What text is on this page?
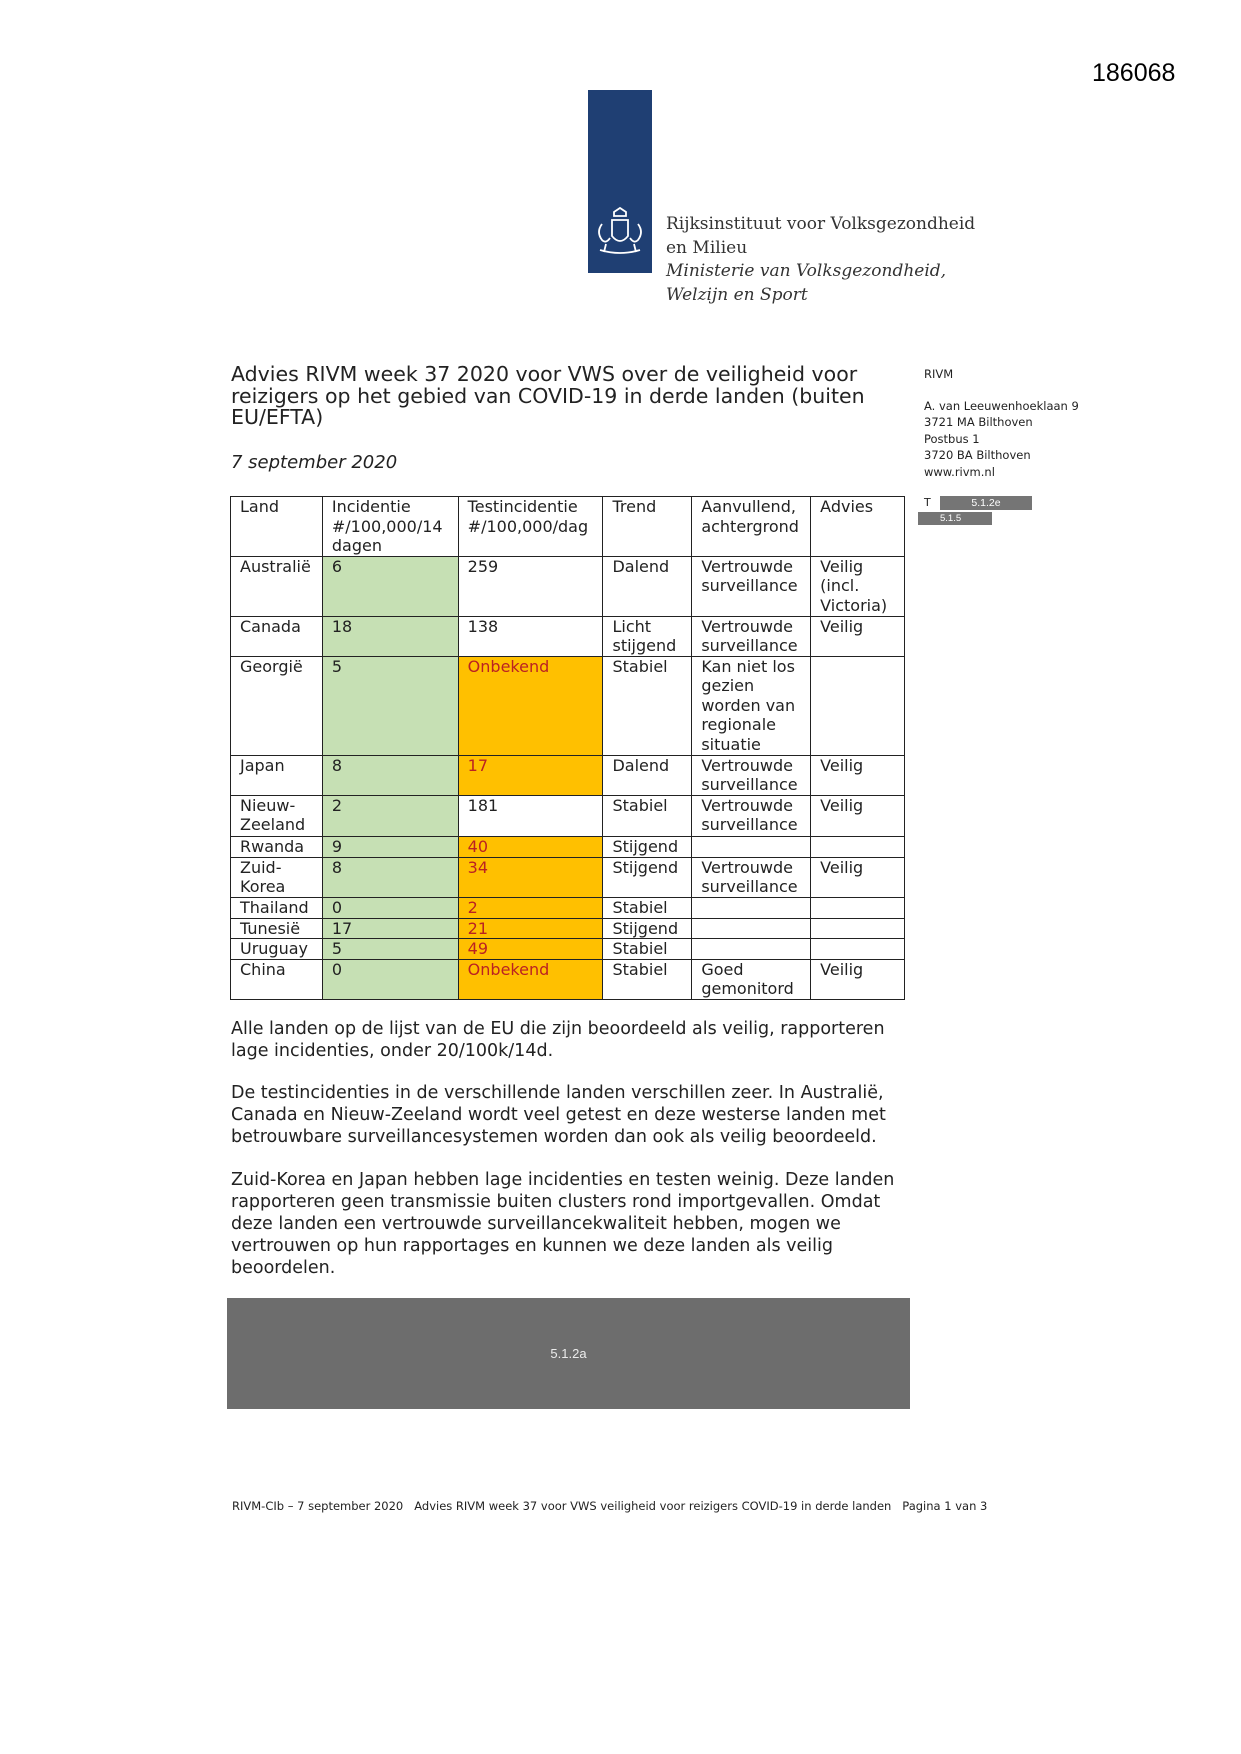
186068
Rijksinstituut voor Volksgezondheid
en Milieu
Ministerie van Volksgezondheid,
Welzijn en Sport
Advies RIVM week 37 2020 voor VWS over de veiligheid voor reizigers op het gebied van COVID-19 in derde landen (buiten EU/EFTA)
7 september 2020
RIVM
A. van Leeuwenhoeklaan 9
3721 MA Bilthoven
Postbus 1
3720 BA Bilthoven
www.rivm.nl
T	5.1.2e
5.1.5
Land	Incidentie #/100,000/14 dagen	Testincidentie #/100,000/dag	Trend	Aanvullend, achtergrond	Advies
Australië	6	259	Dalend	Vertrouwde surveillance	Veilig (incl. Victoria)
Canada	18	138	Licht stijgend	Vertrouwde surveillance	Veilig
Georgië	5	Onbekend	Stabiel	Kan niet los gezien worden van regionale situatie	
Japan	8	17	Dalend	Vertrouwde surveillance	Veilig
Nieuw-Zeeland	2	181	Stabiel	Vertrouwde surveillance	Veilig
Rwanda	9	40	Stijgend		
Zuid-Korea	8	34	Stijgend	Vertrouwde surveillance	Veilig
Thailand	0	2	Stabiel		
Tunesië	17	21	Stijgend		
Uruguay	5	49	Stabiel		
China	0	Onbekend	Stabiel	Goed gemonitord	Veilig
Alle landen op de lijst van de EU die zijn beoordeeld als veilig, rapporteren lage incidenties, onder 20/100k/14d.
De testincidenties in de verschillende landen verschillen zeer. In Australië, Canada en Nieuw-Zeeland wordt veel getest en deze westerse landen met betrouwbare surveillancesystemen worden dan ook als veilig beoordeeld.
Zuid-Korea en Japan hebben lage incidenties en testen weinig. Deze landen rapporteren geen transmissie buiten clusters rond importgevallen. Omdat deze landen een vertrouwde surveillancekwaliteit hebben, mogen we vertrouwen op hun rapportages en kunnen we deze landen als veilig beoordelen.
5.1.2a
RIVM-CIb – 7 september 2020 Advies RIVM week 37 voor VWS veiligheid voor reizigers COVID-19 in derde landen Pagina 1 van 3
